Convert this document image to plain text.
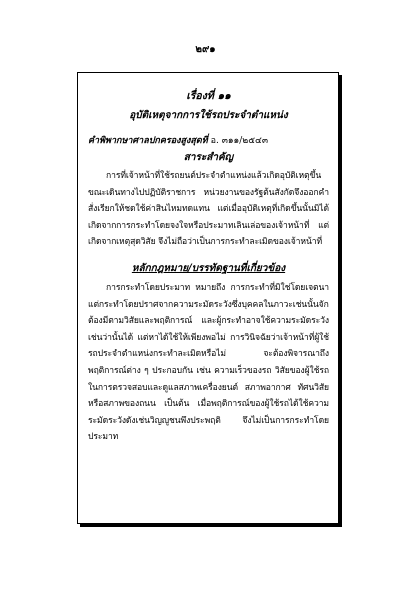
๒๙๑
เรื่องที่ ๑๑
อุบัติเหตุจากการใช้รถประจำตำแหน่ง
คำพิพากษาศาลปกครองสูงสุดที่ อ. ๓๑๑/๒๕๔๓
สาระสำคัญ

การที่เจ้าหน้าที่ใช้รถยนต์ประจำตำแหน่งแล้วเกิดอุบัติเหตุขึ้นขณะเดินทางไปปฏิบัติราชการ หน่วยงานของรัฐต้นสังกัดจึงออกคำสั่งเรียกให้ชดใช้ค่าสินไหมทดแทน แต่เมื่ออุบัติเหตุที่เกิดขึ้นนั้นมิได้เกิดจากการกระทำโดยจงใจหรือประมาทเลินเล่อของเจ้าหน้าที่ แต่เกิดจากเหตุสุดวิสัย จึงไม่ถือว่าเป็นการกระทำละเมิดของเจ้าหน้าที่

หลักกฎหมาย/บรรทัดฐานที่เกี่ยวข้อง

การกระทำโดยประมาท หมายถึง การกระทำที่มิใช่โดยเจตนา แต่กระทำโดยปราศจากความระมัดระวังซึ่งบุคคลในภาวะเช่นนั้นจักต้องมีตามวิสัยและพฤติการณ์ และผู้กระทำอาจใช้ความระมัดระวังเช่นว่านั้นได้ แต่หาได้ใช้ให้เพียงพอไม่ การวินิจฉัยว่าเจ้าหน้าที่ผู้ใช้รถประจำตำแหน่งกระทำละเมิดหรือไม่ จะต้องพิจารณาถึงพฤติการณ์ต่าง ๆ ประกอบกัน เช่น ความเร็วของรถ วิสัยของผู้ใช้รถในการตรวจสอบและดูแลสภาพเครื่องยนต์ สภาพอากาศ ทัศนวิสัย หรือสภาพของถนน เป็นต้น เมื่อพฤติการณ์ของผู้ใช้รถได้ใช้ความระมัดระวังดังเช่นวิญญูชนพึงประพฤติ จึงไม่เป็นการกระทำโดยประมาท
